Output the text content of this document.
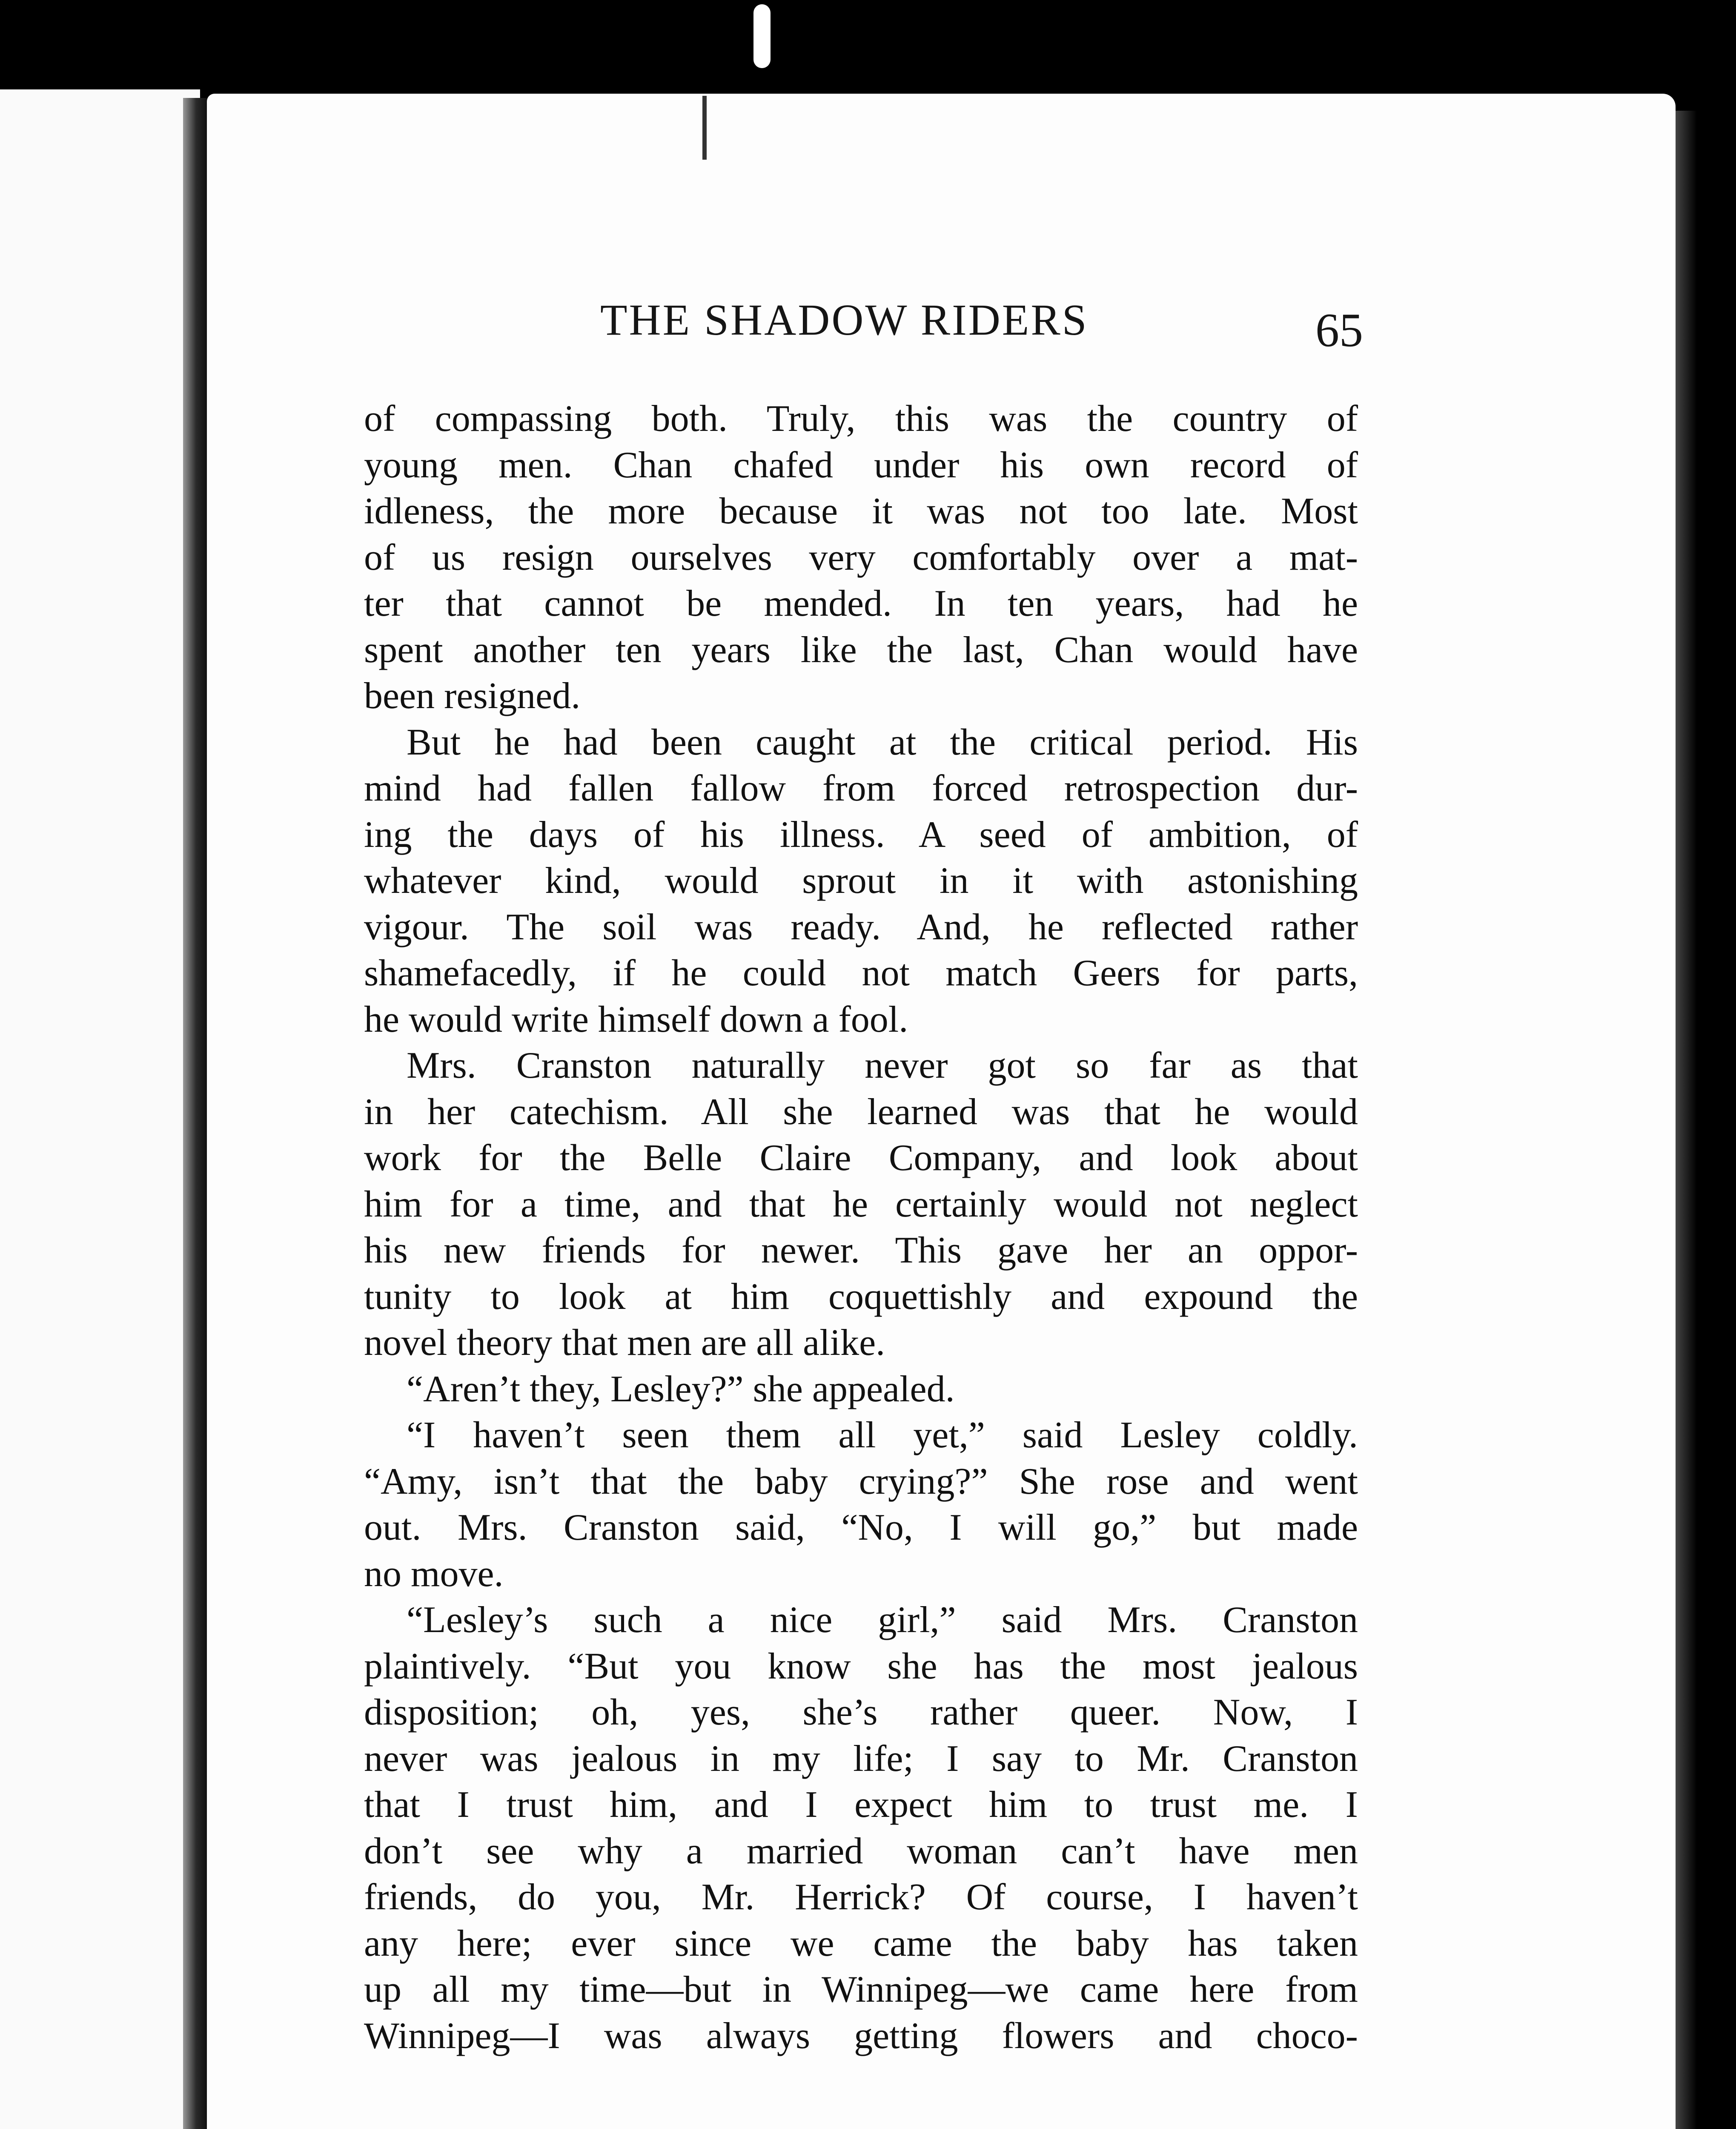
THE SHADOW RIDERS	65
of compassing both. Truly, this was the country of
young men. Chan chafed under his own record of
idleness, the more because it was not too late. Most
of us resign ourselves very comfortably over a mat-
ter that cannot be mended. In ten years, had he
spent another ten years like the last, Chan would have
been resigned.
But he had been caught at the critical period. His
mind had fallen fallow from forced retrospection dur-
ing the days of his illness. A seed of ambition, of
whatever kind, would sprout in it with astonishing
vigour. The soil was ready. And, he reflected rather
shamefacedly, if he could not match Geers for parts,
he would write himself down a fool.
Mrs. Cranston naturally never got so far as that
in her catechism. All she learned was that he would
work for the Belle Claire Company, and look about
him for a time, and that he certainly would not neglect
his new friends for newer. This gave her an oppor-
tunity to look at him coquettishly and expound the
novel theory that men are all alike.
“Aren’t they, Lesley?” she appealed.
“I haven’t seen them all yet,” said Lesley coldly.
“Amy, isn’t that the baby crying?” She rose and went
out. Mrs. Cranston said, “No, I will go,” but made
no move.
“Lesley’s such a nice girl,” said Mrs. Cranston
plaintively. “But you know she has the most jealous
disposition; oh, yes, she’s rather queer. Now, I
never was jealous in my life; I say to Mr. Cranston
that I trust him, and I expect him to trust me. I
don’t see why a married woman can’t have men
friends, do you, Mr. Herrick? Of course, I haven’t
any here; ever since we came the baby has taken
up all my time—but in Winnipeg—we came here from
Winnipeg—I was always getting flowers and choco-
